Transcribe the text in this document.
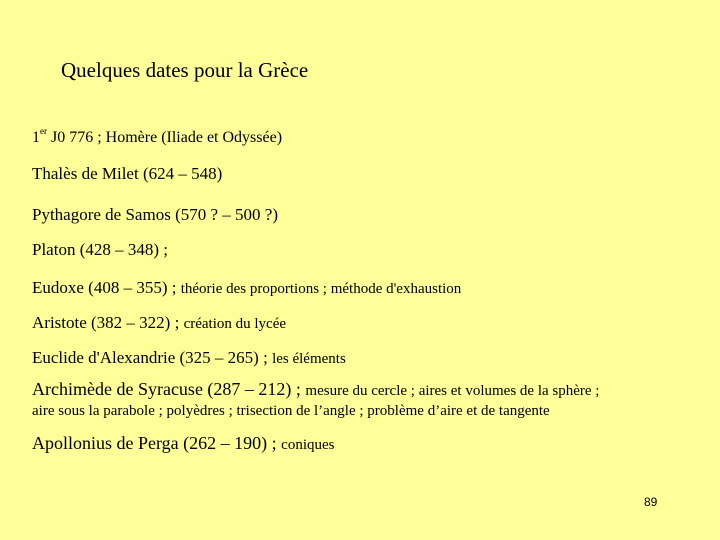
Quelques dates pour la Grèce
1er J0 776 ; Homère (Iliade et Odyssée)
Thalès de Milet (624 – 548)
Pythagore de Samos (570 ? – 500 ?)
Platon (428 – 348) ;
Eudoxe (408 – 355) ; théorie des proportions ; méthode d'exhaustion
Aristote (382 – 322) ; création du lycée
Euclide d'Alexandrie (325 – 265) ; les éléments
Archimède de Syracuse (287 – 212) ; mesure du cercle ; aires et volumes de la sphère ;
aire sous la parabole ; polyèdres ; trisection de l’angle ; problème d’aire et de tangente
Apollonius de Perga (262 – 190) ; coniques
89
